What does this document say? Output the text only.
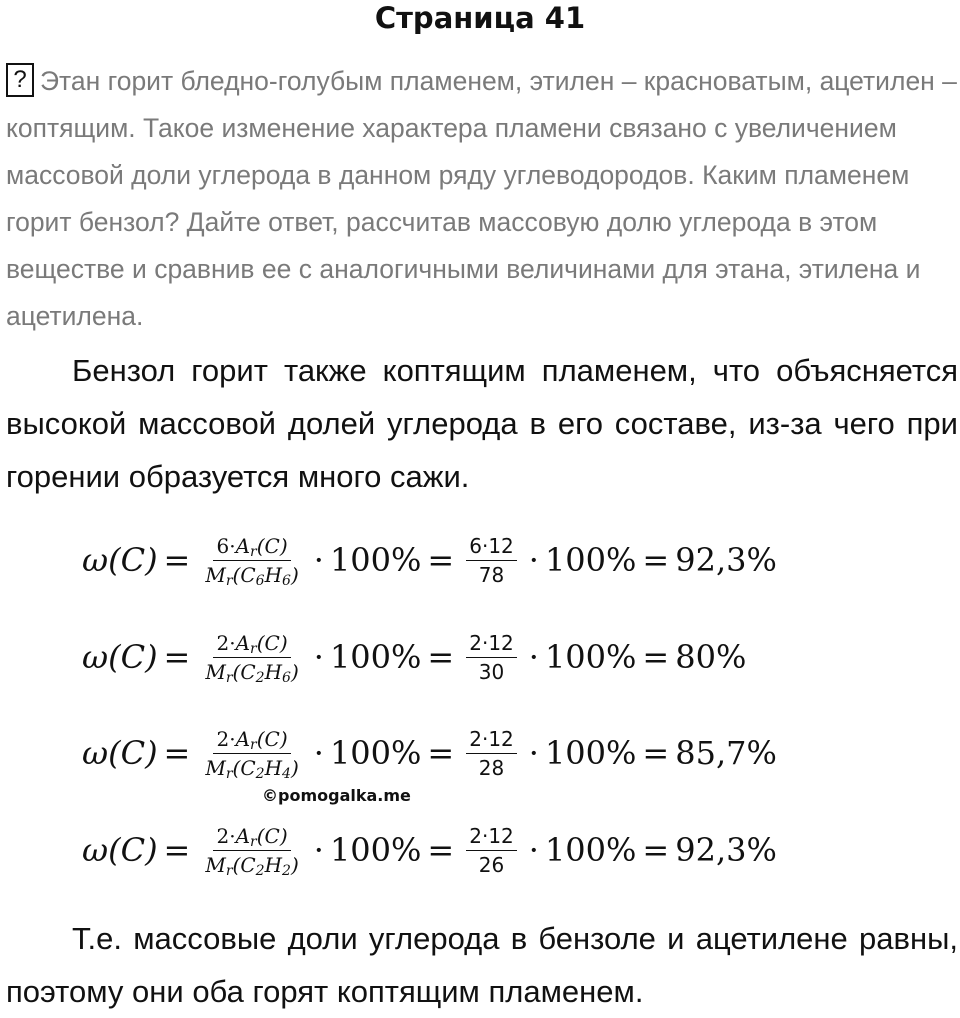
Страница 41

? Этан горит бледно-голубым пламенем, этилен – красноватым, ацетилен – коптящим. Такое изменение характера пламени связано с увеличением массовой доли углерода в данном ряду углеводородов. Каким пламенем горит бензол? Дайте ответ, рассчитав массовую долю углерода в этом веществе и сравнив ее с аналогичными величинами для этана, этилена и ацетилена.

Бензол горит также коптящим пламенем, что объясняется высокой массовой долей углерода в его составе, из-за чего при горении образуется много сажи.

$\omega(C) = \frac{6\cdot A_r(C)}{M_r(C_6H_6)} \cdot 100\% = \frac{6\cdot 12}{78} \cdot 100\% = 92,3\%$
$\omega(C) = \frac{2\cdot A_r(C)}{M_r(C_2H_6)} \cdot 100\% = \frac{2\cdot 12}{30} \cdot 100\% = 80\%$
$\omega(C) = \frac{2\cdot A_r(C)}{M_r(C_2H_4)} \cdot 100\% = \frac{2\cdot 12}{28} \cdot 100\% = 85,7\%$
$\omega(C) = \frac{2\cdot A_r(C)}{M_r(C_2H_2)} \cdot 100\% = \frac{2\cdot 12}{26} \cdot 100\% = 92,3\%$
©pomogalka.me

Т.е. массовые доли углерода в бензоле и ацетилене равны, поэтому они оба горят коптящим пламенем.
